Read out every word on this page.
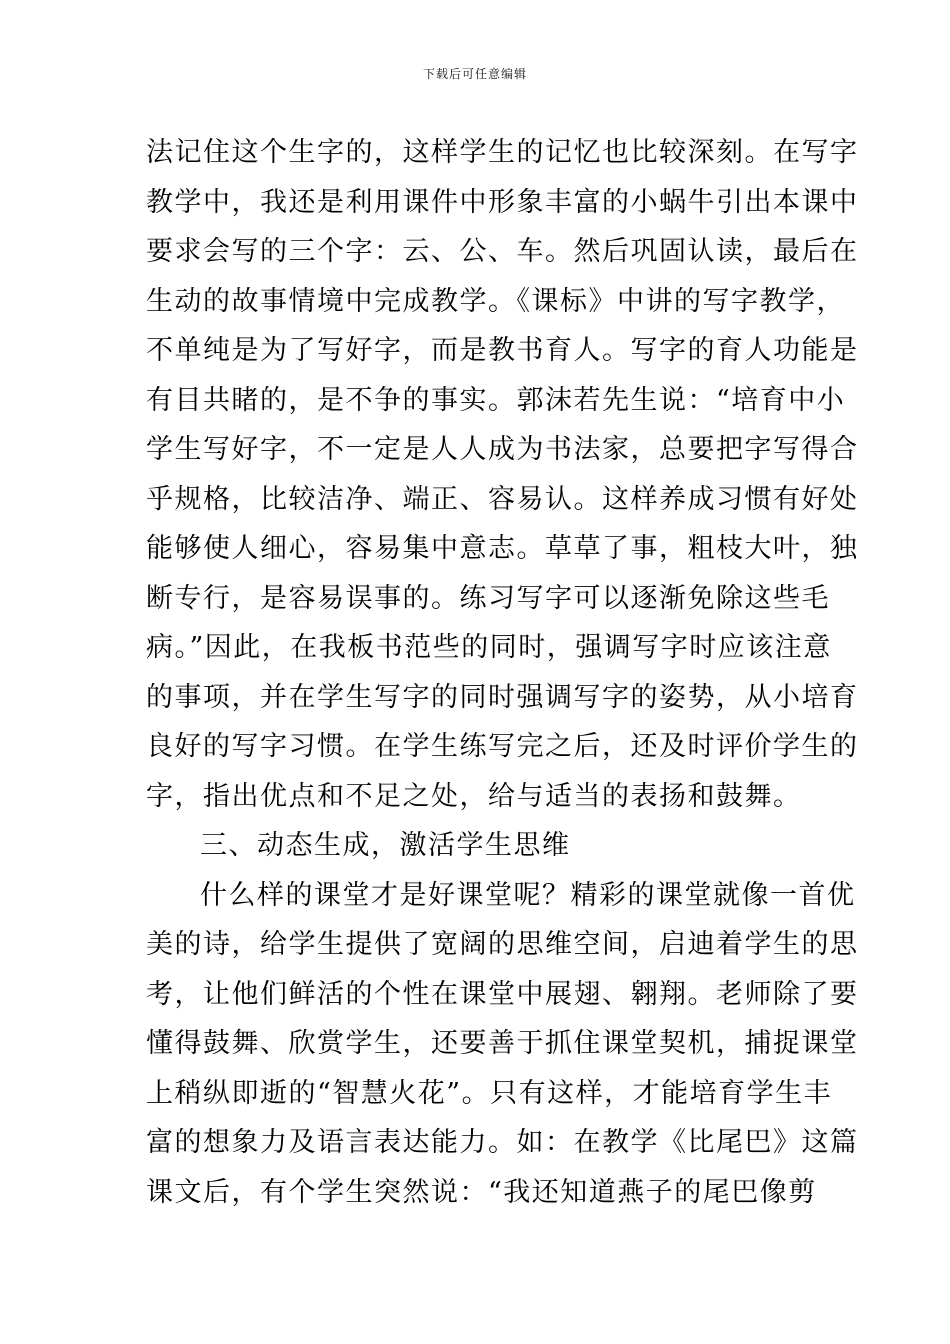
下载后可任意编辑
法记住这个生字的，这样学生的记忆也比较深刻。在写字
教学中，我还是利用课件中形象丰富的小蜗牛引出本课中
要求会写的三个字：云、公、车。然后巩固认读，最后在
生动的故事情境中完成教学。《课标》中讲的写字教学，
不单纯是为了写好字，而是教书育人。写字的育人功能是
有目共睹的，是不争的事实。郭沫若先生说：“培育中小
学生写好字，不一定是人人成为书法家，总要把字写得合
乎规格，比较洁净、端正、容易认。这样养成习惯有好处
能够使人细心，容易集中意志。草草了事，粗枝大叶，独
断专行，是容易误事的。练习写字可以逐渐免除这些毛
病。”因此，在我板书范些的同时，强调写字时应该注意
的事项，并在学生写字的同时强调写字的姿势，从小培育
良好的写字习惯。在学生练写完之后，还及时评价学生的
字，指出优点和不足之处，给与适当的表扬和鼓舞。
三、动态生成，激活学生思维
什么样的课堂才是好课堂呢？精彩的课堂就像一首优
美的诗，给学生提供了宽阔的思维空间，启迪着学生的思
考，让他们鲜活的个性在课堂中展翅、翱翔。老师除了要
懂得鼓舞、欣赏学生，还要善于抓住课堂契机，捕捉课堂
上稍纵即逝的“智慧火花”。只有这样，才能培育学生丰
富的想象力及语言表达能力。如：在教学《比尾巴》这篇
课文后，有个学生突然说：“我还知道燕子的尾巴像剪
